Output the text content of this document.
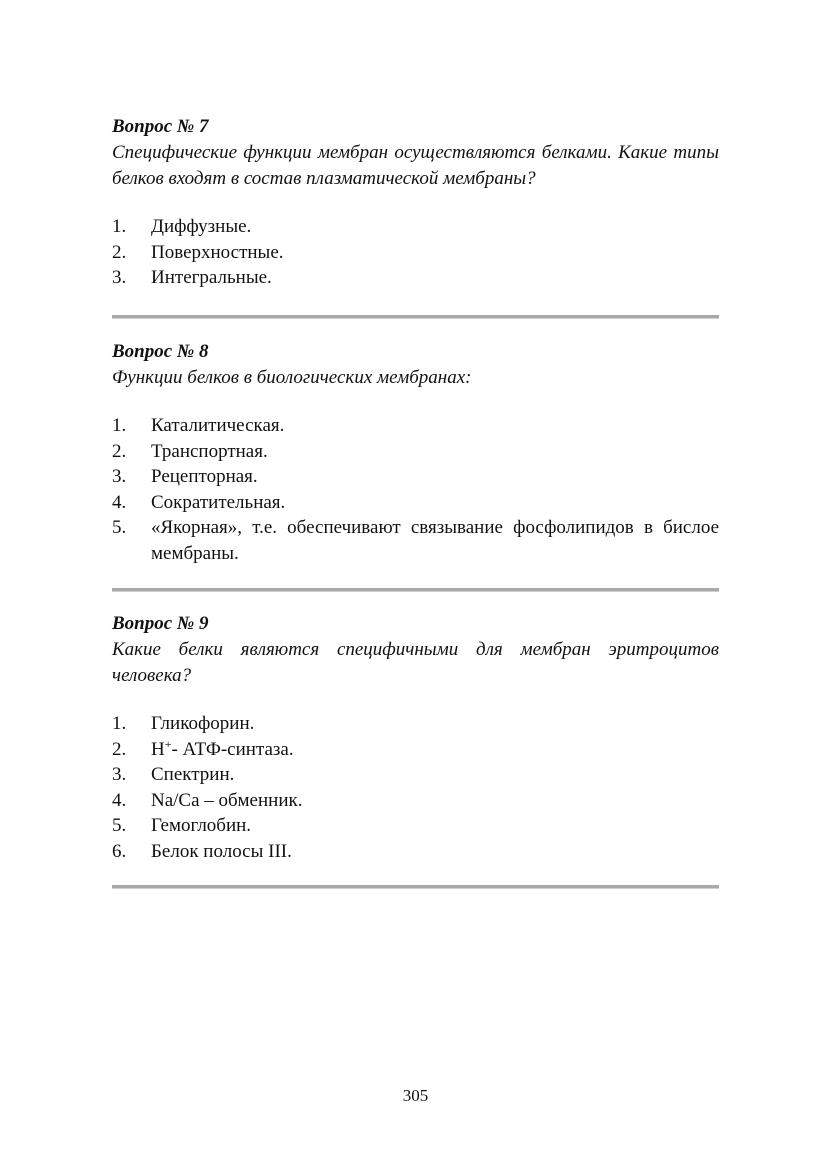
Вопрос № 7

Специфические функции мембран осуществляются белками. Какие типы белков входят в состав плазматической мембраны?

1.	Диффузные.
2.	Поверхностные.
3.	Интегральные.

Вопрос № 8

Функции белков в биологических мембранах:

1.	Каталитическая.
2.	Транспортная.
3.	Рецепторная.
4.	Сократительная.
5.	«Якорная», т.е. обеспечивают связывание фосфолипидов в бислое мембраны.

Вопрос № 9

Какие белки являются специфичными для мембран эритроцитов человека?

1.	Гликофорин.
2.	H+- АТФ-синтаза.
3.	Спектрин.
4.	Na/Ca – обменник.
5.	Гемоглобин.
6.	Белок полосы III.
305
